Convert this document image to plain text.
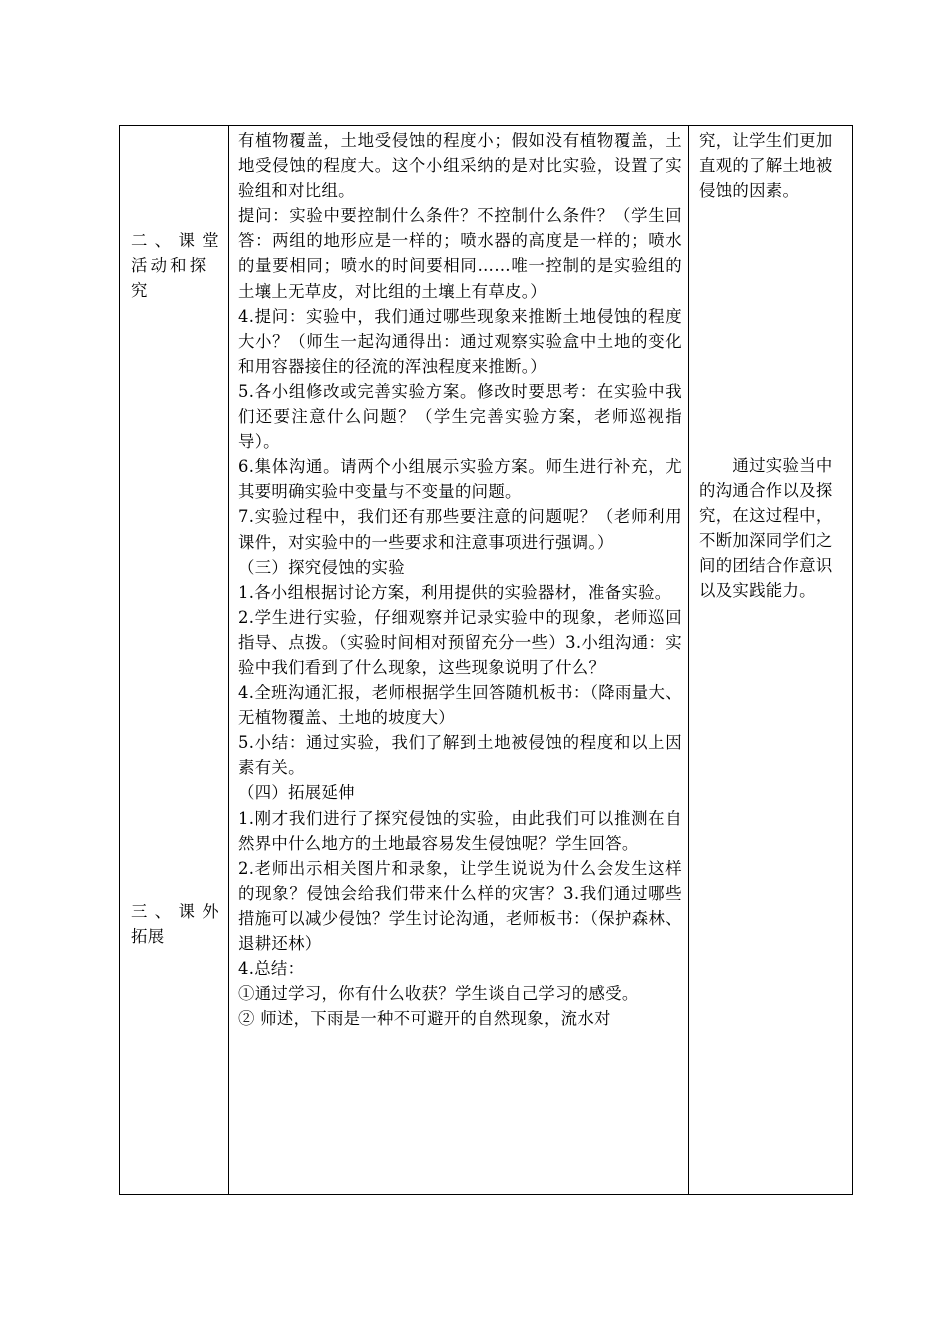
二 、 课 堂
活动和探
究
三 、 课 外
拓展

有植物覆盖，土地受侵蚀的程度小；假如没有植物覆盖，土地受侵蚀的程度大。这个小组采纳的是对比实验，设置了实验组和对比组。

提问：实验中要控制什么条件？不控制什么条件？（学生回答：两组的地形应是一样的；喷水器的高度是一样的；喷水的量要相同；喷水的时间要相同……唯一控制的是实验组的土壤上无草皮，对比组的土壤上有草皮。）

4.提问：实验中，我们通过哪些现象来推断土地侵蚀的程度大小？（师生一起沟通得出：通过观察实验盒中土地的变化和用容器接住的径流的浑浊程度来推断。）

5.各小组修改或完善实验方案。修改时要思考：在实验中我们还要注意什么问题？（学生完善实验方案，老师巡视指导）。

6.集体沟通。请两个小组展示实验方案。师生进行补充，尤其要明确实验中变量与不变量的问题。

7.实验过程中，我们还有那些要注意的问题呢？（老师利用课件，对实验中的一些要求和注意事项进行强调。）

（三）探究侵蚀的实验

1.各小组根据讨论方案，利用提供的实验器材，准备实验。

2.学生进行实验，仔细观察并记录实验中的现象，老师巡回指导、点拨。（实验时间相对预留充分一些）3.小组沟通：实验中我们看到了什么现象，这些现象说明了什么？

4.全班沟通汇报，老师根据学生回答随机板书：（降雨量大、无植物覆盖、土地的坡度大）

5.小结：通过实验，我们了解到土地被侵蚀的程度和以上因素有关。

（四）拓展延伸

1.刚才我们进行了探究侵蚀的实验，由此我们可以推测在自然界中什么地方的土地最容易发生侵蚀呢？学生回答。

2.老师出示相关图片和录象，让学生说说为什么会发生这样的现象？侵蚀会给我们带来什么样的灾害？3.我们通过哪些措施可以减少侵蚀？学生讨论沟通，老师板书：（保护森林、退耕还林）

4.总结：

①通过学习，你有什么收获？学生谈自己学习的感受。

② 师述，下雨是一种不可避开的自然现象，流水对

究，让学生们更加直观的了解土地被侵蚀的因素。

　　通过实验当中的沟通合作以及探究，在这过程中，不断加深同学们之间的团结合作意识以及实践能力。
